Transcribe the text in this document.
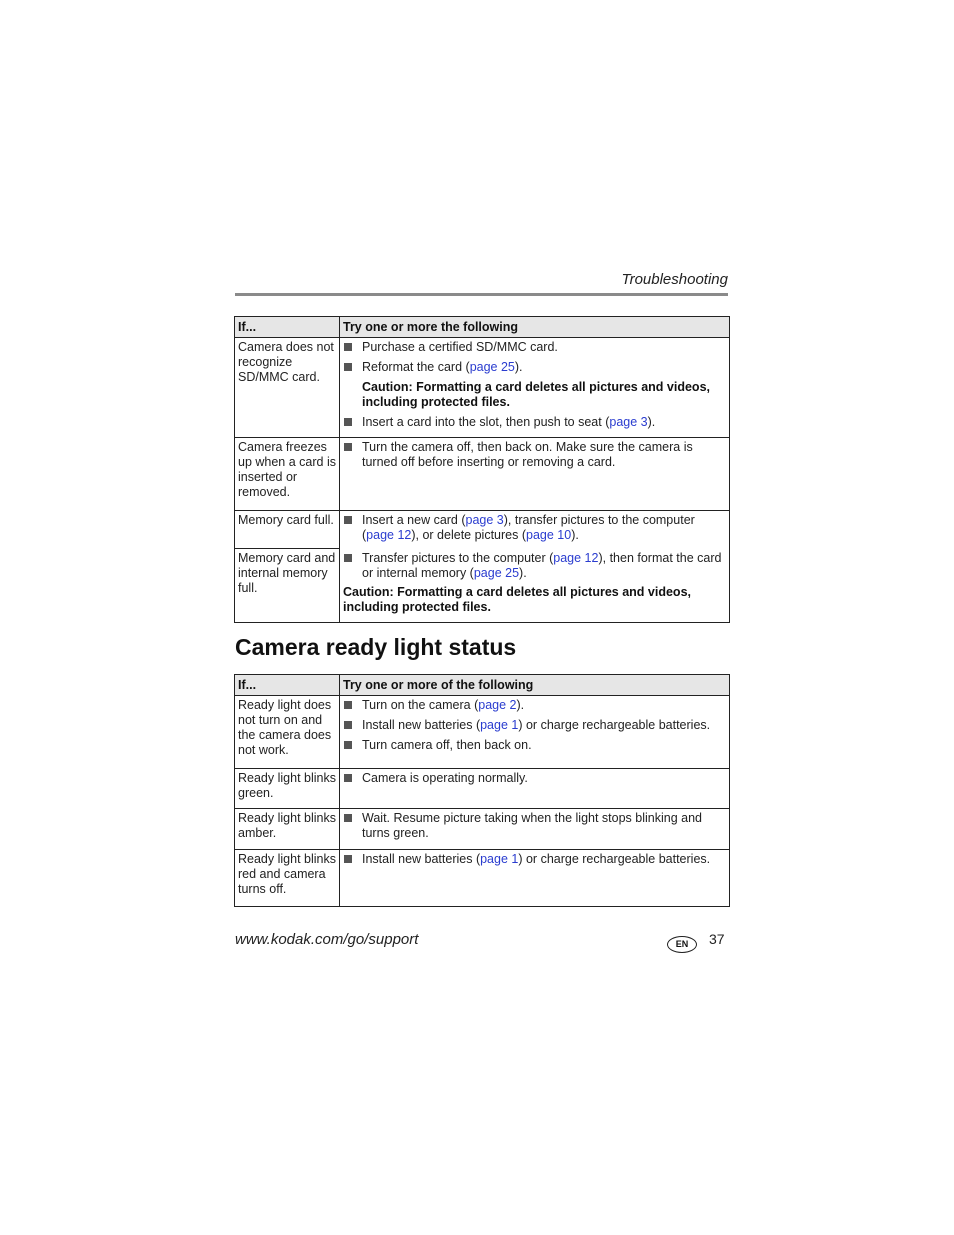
Troubleshooting
If...	Try one or more the following
Camera does not recognize SD/MMC card.	Purchase a certified SD/MMC card.
Reformat the card (page 25).
Caution: Formatting a card deletes all pictures and videos, including protected files.
Insert a card into the slot, then push to seat (page 3).

Camera freezes up when a card is inserted or removed.	Turn the camera off, then back on. Make sure the camera is turned off before inserting or removing a card.

Memory card full.	Insert a new card (page 3), transfer pictures to the computer (page 12), or delete pictures (page 10).

Memory card and internal memory full.	Transfer pictures to the computer (page 12), then format the card or internal memory (page 25).
Caution: Formatting a card deletes all pictures and videos, including protected files.
Camera ready light status
If...	Try one or more of the following
Ready light does not turn on and the camera does not work.	Turn on the camera (page 2).
Install new batteries (page 1) or charge rechargeable batteries.
Turn camera off, then back on.

Ready light blinks green.	Camera is operating normally.

Ready light blinks amber.	Wait. Resume picture taking when the light stops blinking and turns green.

Ready light blinks red and camera turns off.	Install new batteries (page 1) or charge rechargeable batteries.
www.kodak.com/go/support	EN	37
